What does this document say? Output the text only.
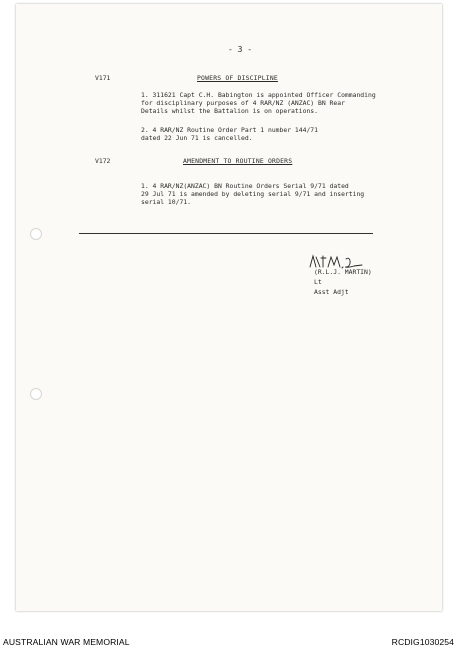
- 3 -
V171	POWERS OF DISCIPLINE
1. 311621 Capt C.H. Babington is appointed Officer Commanding
for disciplinary purposes of 4 RAR/NZ (ANZAC) BN Rear
Details whilst the Battalion is on operations.
2. 4 RAR/NZ Routine Order Part 1 number 144/71
dated 22 Jun 71 is cancelled.
V172	AMENDMENT TO ROUTINE ORDERS
1. 4 RAR/NZ(ANZAC) BN Routine Orders Serial 9/71 dated
29 Jul 71 is amended by deleting serial 9/71 and inserting
serial 10/71.
(R.L.J. MARTIN)
Lt
Asst Adjt
AUSTRALIAN WAR MEMORIAL	RCDIG1030254
